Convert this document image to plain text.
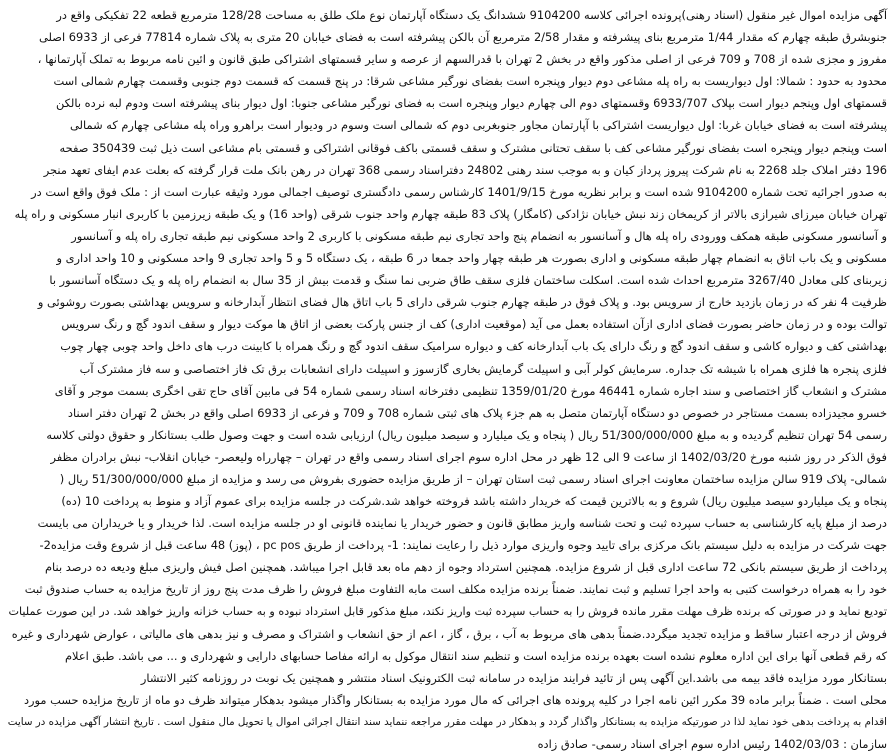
آگهی مزایده اموال غیر منقول (اسناد رهنی)پرونده اجرائی کلاسه 9104200 ششدانگ یک دستگاه آپارتمان نوع ملک طلق به مساحت 128/28 مترمربع قطعه 22 تفکیکی واقع در
جنوبشرق طبقه چهارم که مقدار 1/44 مترمربع بنای پیشرفته و مقدار 2/58 مترمربع آن بالکن پیشرفته است به فضای خیابان 20 متری به پلاک شماره 77814 فرعی از 6933 اصلی
مفروز و مجزی شده از 708 و 709 فرعی از اصلی مذکور واقع در بخش 2 تهران با قدرالسهم از عرصه و سایر قسمتهای اشتراکی طبق قانون و ائین نامه مربوط به تملک آپارتمانها ،
محدود به حدود : شمالا: اول دیواریست به راه پله مشاعی دوم دیوار وپنجره است بفضای نورگیر مشاعی شرقا: در پنج قسمت که قسمت دوم جنوبی وقسمت چهارم شمالی است
قسمتهای اول وپنجم دیوار است بپلاک 6933/707 وقسمتهای دوم الی چهارم دیوار وپنجره است به فضای نورگیر مشاعی جنوبا: اول دیوار بنای پیشرفته است ودوم لبه نرده بالکن
پیشرفته است به فضای خیابان غربا: اول دیواریست اشتراکی با آپارتمان مجاور جنوبغربی دوم که شمالی است وسوم در ودیوار است براهرو وراه پله مشاعی چهارم که شمالی
است وپنجم دیوار وپنجره است بفضای نورگیر مشاعی کف با سقف تحتانی مشترک و سقف قسمتی باکف فوقانی اشتراکی و قسمتی بام مشاعی است ذیل ثبت 350439 صفحه
196 دفتر املاک جلد 2268 به نام شرکت پیروز پرداز کیان و به موجب سند رهنی 24802 دفتراسناد رسمی 368 تهران در رهن بانک ملت قرار گرفته که بعلت عدم ایفای تعهد منجر
به صدور اجرائیه تحت شماره 9104200 شده است و برابر نظریه مورخ 1401/9/15 کارشناس رسمی دادگستری توصیف اجمالی مورد وثیقه عبارت است از : ملک فوق واقع است در
تهران خیابان میرزای شیرازی بالاتر از کریمخان زند نبش خیابان نژادکی (کامگار) پلاک 83 طبقه چهارم واحد جنوب شرقی (واحد 16) و یک طبقه زیرزمین با کاربری انبار مسکونی و راه پله
و آسانسور مسکونی طبقه همکف وورودی راه پله هال و آسانسور به انضمام پنج واحد تجاری نیم طبقه مسکونی با کاربری 2 واحد مسکونی نیم طبقه تجاری راه پله و آسانسور
مسکونی و یک باب اتاق به انضمام چهار طبقه مسکونی و اداری بصورت هر طبقه چهار واحد جمعا در 6 طبقه ، یک دستگاه 5 و 5 واحد تجاری 9 واحد مسکونی و 10 واحد اداری و
زیربنای کلی معادل 3267/40 مترمربع احداث شده است. اسکلت ساختمان فلزی سقف طاق ضربی نما سنگ و قدمت بیش از 35 سال به انضمام راه پله و یک دستگاه آسانسور با
ظرفیت 4 نفر که در زمان بازدید خارج از سرویس بود. و پلاک فوق در طبقه چهارم جنوب شرقی دارای 5 باب اتاق هال فضای انتظار آبدارخانه و سرویس بهداشتی بصورت روشوئی و
توالت بوده و در زمان حاضر بصورت فضای اداری ازآن استفاده بعمل می آید (موقعیت اداری) کف از جنس پارکت بعضی از اتاق ها موکت دیوار و سقف اندود گچ و رنگ سرویس
بهداشتی کف و دیواره کاشی و سقف اندود گچ و رنگ دارای یک باب آبدارخانه کف و دیواره سرامیک سقف اندود گچ و رنگ همراه با کابینت درب های داخل واحد چوبی چهار چوب
فلزی پنجره ها فلزی همراه با شیشه تک جداره. سرمایش کولر آبی و اسپیلت گرمایش بخاری گازسوز و اسپیلت دارای انشعابات برق تک فاز اختصاصی و سه فاز مشترک آب
مشترک و انشعاب گاز اختصاصی و سند اجاره شماره 46441 مورخ 1359/01/20 تنظیمی دفترخانه اسناد رسمی شماره 54 فی مابین آقای حاج تقی اخگری بسمت موجر و آقای
خسرو مجیدزاده بسمت مستاجر در خصوص دو دستگاه آپارتمان متصل به هم جزء پلاک های ثبتی شماره 708 و 709 و فرعی از 6933 اصلی واقع در بخش 2 تهران دفتر اسناد
رسمی 54 تهران تنظیم گردیده و به مبلغ 51/300/000/000 ریال ( پنجاه و یک میلیارد و سیصد میلیون ریال) ارزیابی شده است و جهت وصول طلب بستانکار و حقوق دولتی کلاسه
فوق الذکر در روز شنبه مورخ 1402/03/20 از ساعت 9 الی 12 ظهر در محل اداره سوم اجرای اسناد رسمی واقع در تهران – چهارراه ولیعصر- خیابان انقلاب- نبش برادران مظفر
شمالی- پلاک 919 سالن مزایده ساختمان معاونت اجرای اسناد رسمی ثبت استان تهران – از طریق مزایده حضوری بفروش می رسد و مزایده از مبلغ 51/300/000/000 ریال (
پنجاه و یک میلیاردو سیصد میلیون ریال) شروع و به بالاترین قیمت که خریدار داشته باشد فروخته خواهد شد.شرکت در جلسه مزایده برای عموم آزاد و منوط به پرداخت 10 (ده)
درصد از مبلغ پایه کارشناسی به حساب سپرده ثبت و تحت شناسه واریز مطابق قانون و حضور خریدار یا نماینده قانونی او در جلسه مزایده است. لذا خریدار و یا خریداران می بایست
جهت شرکت در مزایده به دلیل سیستم بانک مرکزی برای تایید وجوه واریزی موارد ذیل را رعایت نمایند: 1- پرداخت از طریق pc pos ، (پوز) 48 ساعت قبل از شروع وقت مزایده2-
پرداخت از طریق سیستم بانکی 72 ساعت اداری قبل از شروع مزایده. همچنین استرداد وجوه از دهم ماه بعد قابل اجرا میباشد. همچنین اصل فیش واریزی مبلغ ودیعه ده درصد بنام
خود را به همراه درخواست کتبی به واحد اجرا تسلیم و ثبت نمایند. ضمناً برنده مزایده مکلف است مابه التفاوت مبلغ فروش را ظرف مدت پنج روز از تاریخ مزایده به حساب صندوق ثبت
تودیع نماید و در صورتی که برنده ظرف مهلت مقرر مانده فروش را به حساب سپرده ثبت واریز نکند، مبلغ مذکور قابل استرداد نبوده و به حساب خزانه واریز خواهد شد. در این صورت عملیات
فروش از درجه اعتبار ساقط و مزایده تجدید میگردد.ضمناً بدهی های مربوط به آب ، برق ، گاز ، اعم از حق انشعاب و اشتراک و مصرف و نیز بدهی های مالیاتی ، عوارض شهرداری و غیره
که رقم قطعی آنها برای این اداره معلوم نشده است بعهده برنده مزایده است و تنظیم سند انتقال موکول به ارائه مفاصا حسابهای دارایی و شهرداری و ... می باشد. طبق اعلام
بستانکار مورد مزایده فاقد بیمه می باشد.این آگهی پس از تائید فرایند مزایده در سامانه ثبت الکترونیک اسناد منتشر و همچنین یک نوبت در روزنامه کثیر الانتشار
محلی است . ضمناً برابر ماده 39 مکرر ائین نامه اجرا در کلیه پرونده های اجرائی که مال مورد مزایده به بستانکار واگذار میشود بدهکار میتواند ظرف دو ماه از تاریخ مزایده حسب مورد
اقدام به پرداخت بدهی خود نماید لذا در صورتیکه مزایده به بستانکار واگذار گردد و بدهکار در مهلت مقرر مراجعه ننماید سند انتقال اجرائی اموال یا تحویل مال منقول است . تاریخ انتشار آگهی مزایده در سایت
سازمان : 1402/03/03 رئیس اداره سوم اجرای اسناد رسمی- صادق زاده
